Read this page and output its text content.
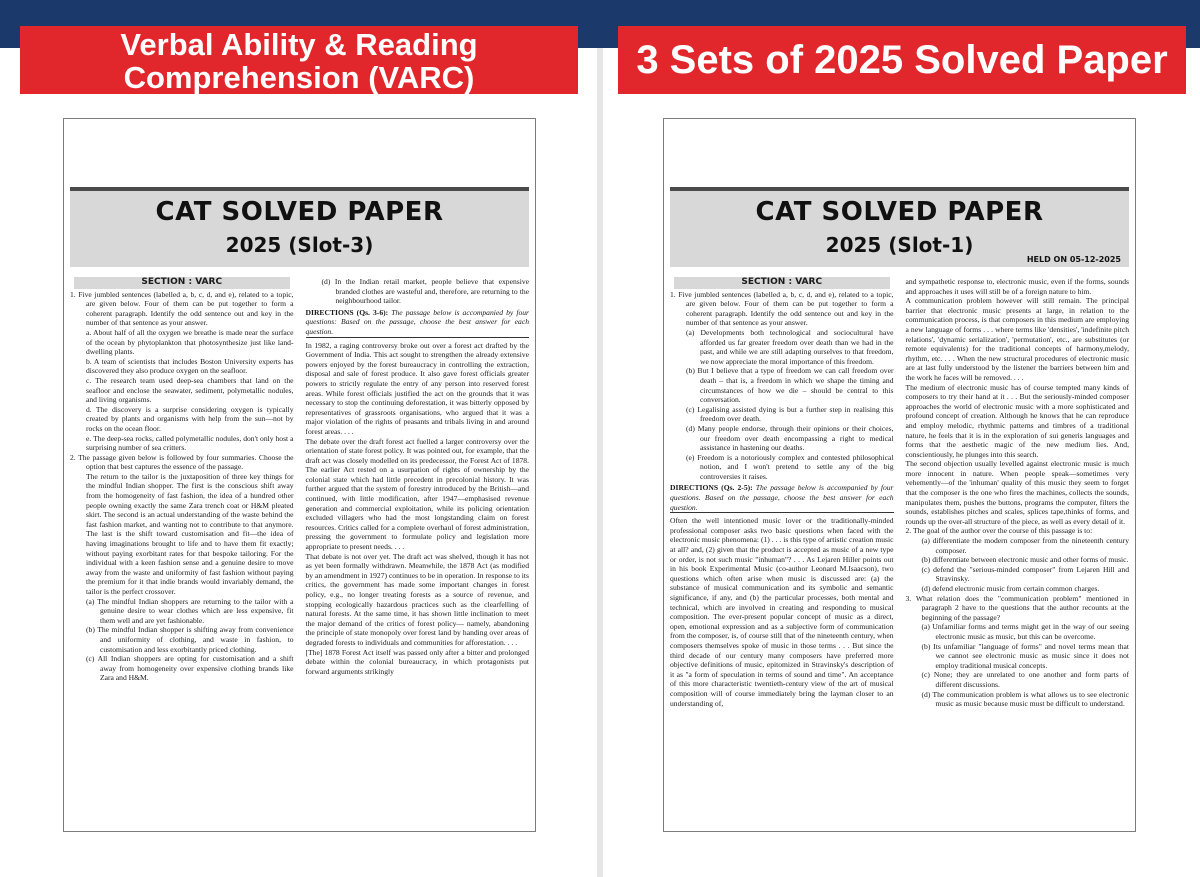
Verbal Ability & Reading Comprehension (VARC)	3 Sets of 2025 Solved Paper
CAT SOLVED PAPER
2025 (Slot-3)
SECTION : VARC

1. Five jumbled sentences (labelled a, b, c, d, and e), related to a topic, are given below. Four of them can be put together to form a coherent paragraph. Identify the odd sentence out and key in the number of that sentence as your answer.

a. About half of all the oxygen we breathe is made near the surface of the ocean by phytoplankton that photosynthesize just like land-dwelling plants.

b. A team of scientists that includes Boston University experts has discovered they also produce oxygen on the seafloor.

c. The research team used deep-sea chambers that land on the seafloor and enclose the seawater, sediment, polymetallic nodules, and living organisms.

d. The discovery is a surprise considering oxygen is typically created by plants and organisms with help from the sun—not by rocks on the ocean floor.

e. The deep-sea rocks, called polymetallic nodules, don't only host a surprising number of sea critters.

2. The passage given below is followed by four summaries. Choose the option that best captures the essence of the passage.

The return to the tailor is the juxtaposition of three key things for the mindful Indian shopper. The first is the conscious shift away from the homogeneity of fast fashion, the idea of a hundred other people owning exactly the same Zara trench coat or H&M pleated skirt. The second is an actual understanding of the waste behind the fast fashion market, and wanting not to contribute to that anymore. The last is the shift toward customisation and fit—the idea of having imaginations brought to life and to have them fit exactly; without paying exorbitant rates for that bespoke tailoring. For the individual with a keen fashion sense and a genuine desire to move away from the waste and uniformity of fast fashion without paying the premium for it that indie brands would invariably demand, the tailor is the perfect crossover.

(a) The mindful Indian shoppers are returning to the tailor with a genuine desire to wear clothes which are less expensive, fit them well and are yet fashionable.

(b) The mindful Indian shopper is shifting away from convenience and uniformity of clothing, and waste in fashion, to customisation and less exorbitantly priced clothing.

(c) All Indian shoppers are opting for customisation and a shift away from homogeneity over expensive clothing brands like Zara and H&M.

(d) In the Indian retail market, people believe that expensive branded clothes are wasteful and, therefore, are returning to the neighbourhood tailor.

DIRECTIONS (Qs. 3-6): The passage below is accompanied by four questions: Based on the passage, choose the best answer for each question.

In 1982, a raging controversy broke out over a forest act drafted by the Government of India. This act sought to strengthen the already extensive powers enjoyed by the forest bureaucracy in controlling the extraction, disposal and sale of forest produce. It also gave forest officials greater powers to strictly regulate the entry of any person into reserved forest areas. While forest officials justified the act on the grounds that it was necessary to stop the continuing deforestation, it was bitterly opposed by representatives of grassroots organisations, who argued that it was a major violation of the rights of peasants and tribals living in and around forest areas. . . .

The debate over the draft forest act fuelled a larger controversy over the orientation of state forest policy. It was pointed out, for example, that the draft act was closely modelled on its predecessor, the Forest Act of 1878. The earlier Act rested on a usurpation of rights of ownership by the colonial state which had little precedent in precolonial history. It was further argued that the system of forestry introduced by the British—and continued, with little modification, after 1947—emphasised revenue generation and commercial exploitation, while its policing orientation excluded villagers who had the most longstanding claim on forest resources. Critics called for a complete overhaul of forest administration, pressing the government to formulate policy and legislation more appropriate to present needs. . . .

That debate is not over yet. The draft act was shelved, though it has not as yet been formally withdrawn. Meanwhile, the 1878 Act (as modified by an amendment in 1927) continues to be in operation. In response to its critics, the government has made some important changes in forest policy, e.g., no longer treating forests as a source of revenue, and stopping ecologically hazardous practices such as the clearfelling of natural forests. At the same time, it has shown little inclination to meet the major demand of the critics of forest policy— namely, abandoning the principle of state monopoly over forest land by handing over areas of degraded forests to individuals and communities for afforestation. . . .

[The] 1878 Forest Act itself was passed only after a bitter and prolonged debate within the colonial bureaucracy, in which protagonists put forward arguments strikingly

CAT SOLVED PAPER
2025 (Slot-1)
HELD ON 05-12-2025
SECTION : VARC

1. Five jumbled sentences (labelled a, b, c, d, and e), related to a topic, are given below. Four of them can be put together to form a coherent paragraph. Identify the odd sentence out and key in the number of that sentence as your answer.

(a) Developments both technological and sociocultural have afforded us far greater freedom over death than we had in the past, and while we are still adapting ourselves to that freedom, we now appreciate the moral importance of this freedom.

(b) But I believe that a type of freedom we can call freedom over death – that is, a freedom in which we shape the timing and circumstances of how we die – should be central to this conversation.

(c) Legalising assisted dying is but a further step in realising this freedom over death.

(d) Many people endorse, through their opinions or their choices, our freedom over death encompassing a right to medical assistance in hastening our deaths.

(e) Freedom is a notoriously complex and contested philosophical notion, and I won't pretend to settle any of the big controversies it raises.

DIRECTIONS (Qs. 2-5): The passage below is accompanied by four questions. Based on the passage, choose the best answer for each question.

Often the well intentioned music lover or the traditionally-minded professional composer asks two basic questions when faced with the electronic music phenomena: (1) . . . is this type of artistic creation music at all? and, (2) given that the product is accepted as music of a new type or order, is not such music "inhuman"? . . . As Lejaren Hiller points out in his book Experimental Music (co-author Leonard M.Isaacson), two questions which often arise when music is discussed are: (a) the substance of musical communication and its symbolic and semantic significance, if any, and (b) the particular processes, both mental and technical, which are involved in creating and responding to musical composition. The ever-present popular concept of music as a direct, open, emotional expression and as a subjective form of communication from the composer, is, of course still that of the nineteenth century, when composers themselves spoke of music in those terms . . . But since the third decade of our century many composers have preferred more objective definitions of music, epitomized in Stravinsky's description of it as "a form of speculation in terms of sound and time". An acceptance of this more characteristic twentieth-century view of the art of musical composition will of course immediately bring the layman closer to an understanding of,

and sympathetic response to, electronic music, even if the forms, sounds and approaches it uses will still be of a foreign nature to him.

A communication problem however will still remain. The principal barrier that electronic music presents at large, in relation to the communication process, is that composers in this medium are employing a new language of forms . . . where terms like 'densities', 'indefinite pitch relations', 'dynamic serialization', 'permutation', etc., are substitutes (or remote equivalents) for the traditional concepts of harmony,melody, rhythm, etc. . . . When the new structural procedures of electronic music are at last fully understood by the listener the barriers between him and the work he faces will be removed. . . .

The medium of electronic music has of course tempted many kinds of composers to try their hand at it . . . But the seriously-minded composer approaches the world of electronic music with a more sophisticated and profound concept of creation. Although he knows that he can reproduce and employ melodic, rhythmic patterns and timbres of a traditional nature, he feels that it is in the exploration of sui generis languages and forms that the aesthetic magic of the new medium lies. And, conscientiously, he plunges into this search.

The second objection usually levelled against electronic music is much more innocent in nature. When people speak—sometimes very vehemently—of the 'inhuman' quality of this music they seem to forget that the composer is the one who fires the machines, collects the sounds, manipulates them, pushes the buttons, programs the computer, filters the sounds, establishes pitches and scales, splices tape,thinks of forms, and rounds up the over-all structure of the piece, as well as every detail of it.

2. The goal of the author over the course of this passage is to:

(a) differentiate the modern composer from the nineteenth century composer.

(b) differentiate between electronic music and other forms of music.

(c) defend the "serious-minded composer" from Lejaren Hill and Stravinsky.

(d) defend electronic music from certain common charges.

3. What relation does the "communication problem" mentioned in paragraph 2 have to the questions that the author recounts at the beginning of the passage?

(a) Unfamiliar forms and terms might get in the way of our seeing electronic music as music, but this can be overcome.

(b) Its unfamiliar "language of forms" and novel terms mean that we cannot see electronic music as music since it does not employ traditional musical concepts.

(c) None; they are unrelated to one another and form parts of different discussions.

(d) The communication problem is what allows us to see electronic music as music because music must be difficult to understand.
